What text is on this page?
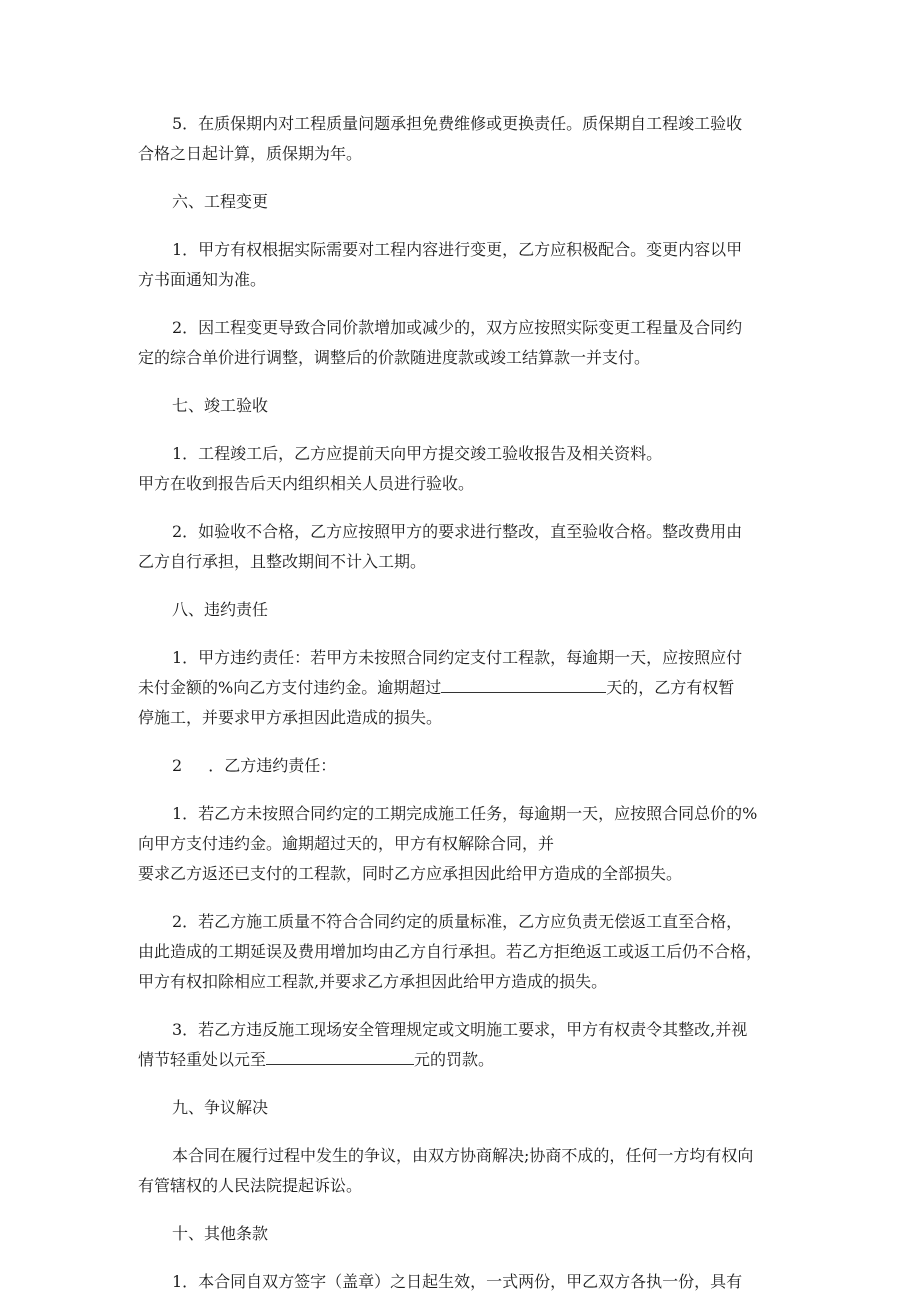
5．在质保期内对工程质量问题承担免费维修或更换责任。质保期自工程竣工验收
合格之日起计算，质保期为年。
六、工程变更
1．甲方有权根据实际需要对工程内容进行变更，乙方应积极配合。变更内容以甲
方书面通知为准。
2．因工程变更导致合同价款增加或减少的，双方应按照实际变更工程量及合同约
定的综合单价进行调整，调整后的价款随进度款或竣工结算款一并支付。
七、竣工验收
1．工程竣工后，乙方应提前天向甲方提交竣工验收报告及相关资料。
甲方在收到报告后天内组织相关人员进行验收。
2．如验收不合格，乙方应按照甲方的要求进行整改，直至验收合格。整改费用由
乙方自行承担，且整改期间不计入工期。
八、违约责任
1．甲方违约责任：若甲方未按照合同约定支付工程款，每逾期一天，应按照应付
未付金额的%向乙方支付违约金。逾期超过	天的，乙方有权暂
停施工，并要求甲方承担因此造成的损失。
2 ．乙方违约责任：
1．若乙方未按照合同约定的工期完成施工任务，每逾期一天，应按照合同总价的%
向甲方支付违约金。逾期超过天的，甲方有权解除合同，并
要求乙方返还已支付的工程款，同时乙方应承担因此给甲方造成的全部损失。
2．若乙方施工质量不符合合同约定的质量标准，乙方应负责无偿返工直至合格，
由此造成的工期延误及费用增加均由乙方自行承担。若乙方拒绝返工或返工后仍不合格，
甲方有权扣除相应工程款,并要求乙方承担因此给甲方造成的损失。
3．若乙方违反施工现场安全管理规定或文明施工要求，甲方有权责令其整改,并视
情节轻重处以元至	元的罚款。
九、争议解决
本合同在履行过程中发生的争议，由双方协商解决;协商不成的，任何一方均有权向
有管辖权的人民法院提起诉讼。
十、其他条款
1．本合同自双方签字（盖章）之日起生效，一式两份，甲乙双方各执一份，具有
